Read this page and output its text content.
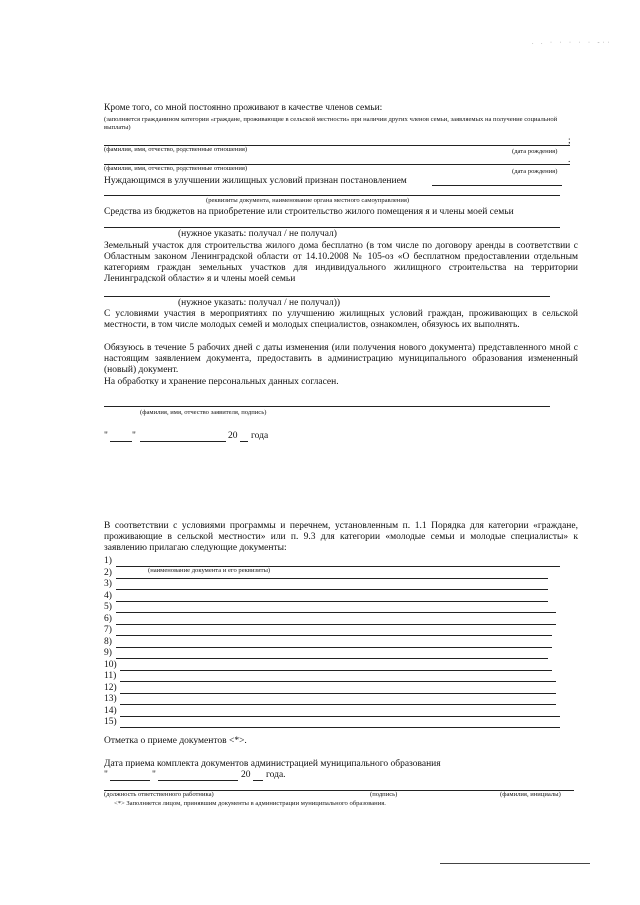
. . · · · · · -··
Кроме того, со мной постоянно проживают в качестве членов семьи:
(заполняется гражданином категории «граждане, проживающие в сельской местности» при наличии других членов семьи, заявляемых на получение социальной выплаты)
;
(фамилия, имя, отчество, родственные отношения)	(дата рождения)
.
(фамилия, имя, отчество, родственные отношения)	(дата рождения)
Нуждающимся в улучшении жилищных условий признан постановлением
(реквизиты документа, наименование органа местного самоуправления)
Средства из бюджетов на приобретение или строительство жилого помещения я и члены моей семьи
(нужное указать: получал / не получал)
Земельный участок для строительства жилого дома бесплатно (в том числе по договору аренды в соответствии с Областным законом Ленинградской области от 14.10.2008 № 105-оз «О бесплатном предоставлении отдельным категориям граждан земельных участков для индивидуального жилищного строительства на территории Ленинградской области» я и члены моей семьи
(нужное указать: получал / не получал))
С условиями участия в мероприятиях по улучшению жилищных условий граждан, проживающих в сельской местности, в том числе молодых семей и молодых специалистов, ознакомлен, обязуюсь их выполнять.
Обязуюсь в течение 5 рабочих дней с даты изменения (или получения нового документа) представленного мной с настоящим заявлением документа, предоставить в администрацию муниципального образования измененный (новый) документ.
На обработку и хранение персональных данных согласен.
(фамилия, имя, отчество заявителя, подпись)
"	"	20 года
В соответствии с условиями программы и перечнем, установленным п. 1.1 Порядка для категории «граждане, проживающие в сельской местности» или п. 9.3 для категории «молодые семьи и молодые специалисты» к заявлению прилагаю следующие документы:
(наименование документа и его реквизиты)
1)
2)
3)
4)
5)
6)
7)
8)
9)
10)
11)
12)
13)
14)
15)
Отметка о приеме документов <*>.
Дата приема комплекта документов администрацией муниципального образования
"	"	20 года.
(должность ответственного работника)	(подпись)	(фамилия, инициалы)
<*> Заполняется лицом, принявшим документы в администрации муниципального образования.
